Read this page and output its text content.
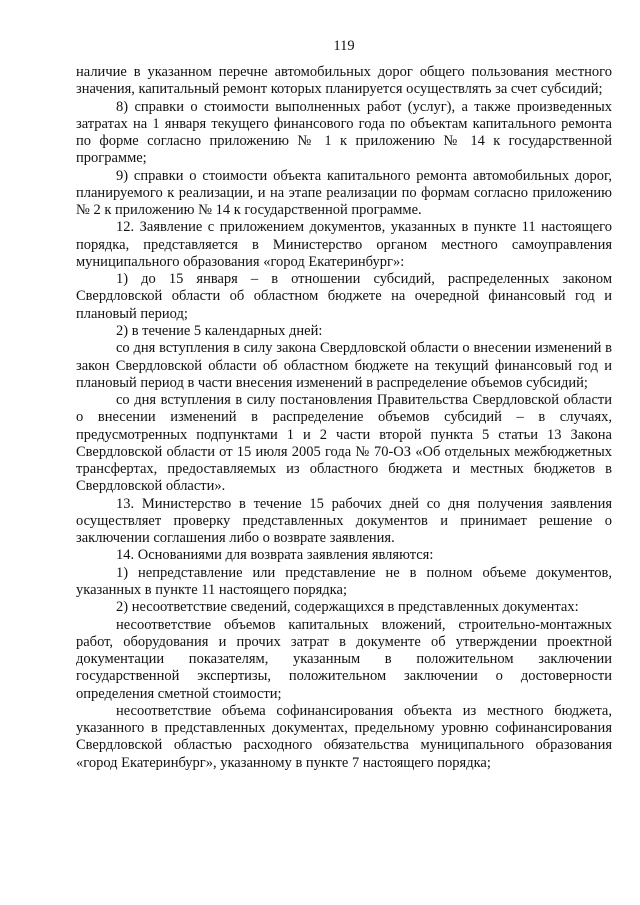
119

наличие в указанном перечне автомобильных дорог общего пользования местного значения, капитальный ремонт которых планируется осуществлять за счет субсидий;

8) справки о стоимости выполненных работ (услуг), а также произведенных затратах на 1 января текущего финансового года по объектам капитального ремонта по форме согласно приложению № 1 к приложению № 14 к государственной программе;

9) справки о стоимости объекта капитального ремонта автомобильных дорог, планируемого к реализации, и на этапе реализации по формам согласно приложению № 2 к приложению № 14 к государственной программе.

12. Заявление с приложением документов, указанных в пункте 11 настоящего порядка, представляется в Министерство органом местного самоуправления муниципального образования «город Екатеринбург»:

1) до 15 января – в отношении субсидий, распределенных законом Свердловской области об областном бюджете на очередной финансовый год и плановый период;

2) в течение 5 календарных дней:

со дня вступления в силу закона Свердловской области о внесении изменений в закон Свердловской области об областном бюджете на текущий финансовый год и плановый период в части внесения изменений в распределение объемов субсидий;

со дня вступления в силу постановления Правительства Свердловской области о внесении изменений в распределение объемов субсидий – в случаях, предусмотренных подпунктами 1 и 2 части второй пункта 5 статьи 13 Закона Свердловской области от 15 июля 2005 года № 70-ОЗ «Об отдельных межбюджетных трансфертах, предоставляемых из областного бюджета и местных бюджетов в Свердловской области».

13. Министерство в течение 15 рабочих дней со дня получения заявления осуществляет проверку представленных документов и принимает решение о заключении соглашения либо о возврате заявления.

14. Основаниями для возврата заявления являются:

1) непредставление или представление не в полном объеме документов, указанных в пункте 11 настоящего порядка;

2) несоответствие сведений, содержащихся в представленных документах:

несоответствие объемов капитальных вложений, строительно-монтажных работ, оборудования и прочих затрат в документе об утверждении проектной документации показателям, указанным в положительном заключении государственной экспертизы, положительном заключении о достоверности определения сметной стоимости;

несоответствие объема софинансирования объекта из местного бюджета, указанного в представленных документах, предельному уровню софинансирования Свердловской областью расходного обязательства муниципального образования «город Екатеринбург», указанному в пункте 7 настоящего порядка;
